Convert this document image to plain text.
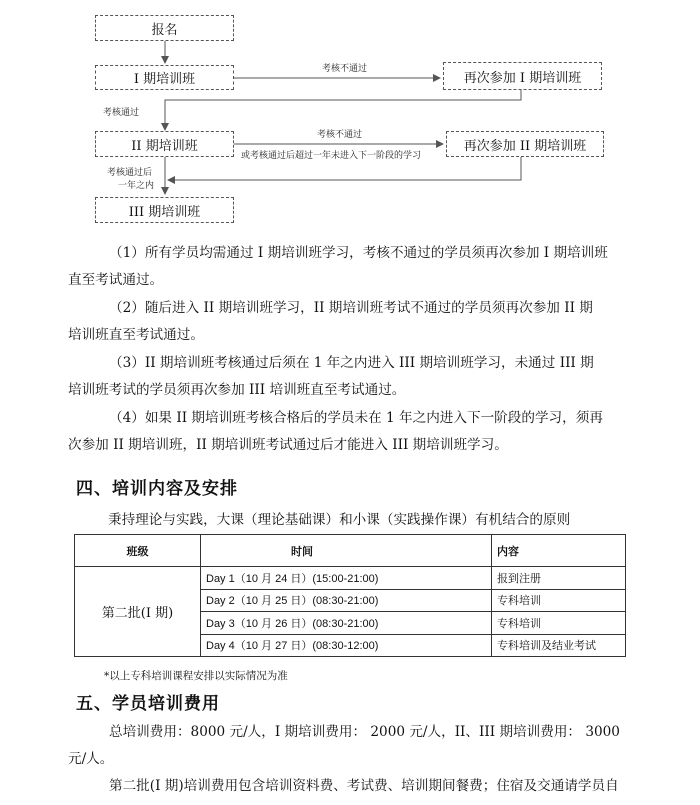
报名
I 期培训班
II 期培训班
III 期培训班
再次参加 I 期培训班
再次参加 II 期培训班
考核不通过
考核通过
考核不通过
或考核通过后超过一年未进入下一阶段的学习
考核通过后
一年之内
（1）所有学员均需通过 I 期培训班学习，考核不通过的学员须再次参加 I 期培训班
直至考试通过。
（2）随后进入 II 期培训班学习，II 期培训班考试不通过的学员须再次参加 II 期
培训班直至考试通过。
（3）II 期培训班考核通过后须在 1 年之内进入 III 期培训班学习，未通过 III 期
培训班考试的学员须再次参加 III 培训班直至考试通过。
（4）如果 II 期培训班考核合格后的学员未在 1 年之内进入下一阶段的学习，须再
次参加 II 期培训班，II 期培训班考试通过后才能进入 III 期培训班学习。
四、培训内容及安排
秉持理论与实践，大课（理论基础课）和小课（实践操作课）有机结合的原则
班级	时间	内容
第二批(I 期)	Day 1（10 月 24 日）(15:00-21:00)	报到注册
	Day 2（10 月 25 日）(08:30-21:00)	专科培训
	Day 3（10 月 26 日）(08:30-21:00)	专科培训
	Day 4（10 月 27 日）(08:30-12:00)	专科培训及结业考试
*以上专科培训课程安排以实际情况为准
五、学员培训费用
总培训费用：8000 元/人，I 期培训费用： 2000 元/人，II、III 期培训费用： 3000
元/人。
第二批(I 期)培训费用包含培训资料费、考试费、培训期间餐费；住宿及交通请学员自
